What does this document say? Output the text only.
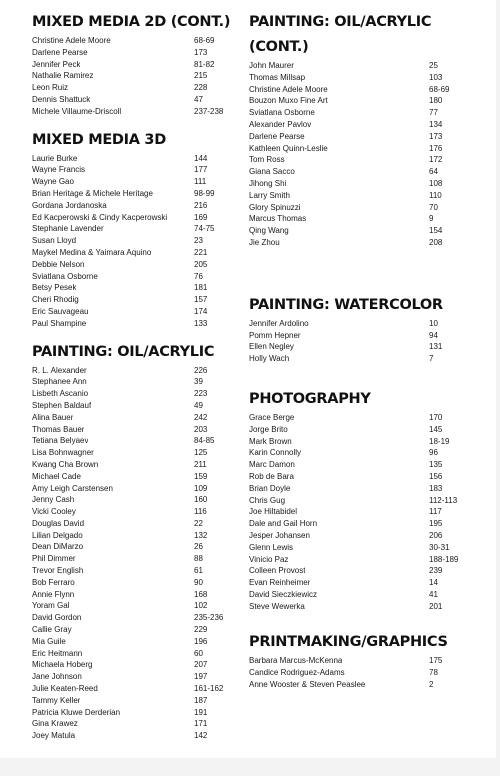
MIXED MEDIA 2D (CONT.)
Christine Adele Moore	68-69
Darlene Pearse	173
Jennifer Peck	81-82
Nathalie Ramirez	215
Leon Ruiz	228
Dennis Shattuck	47
Michele Villaume-Driscoll	237-238
MIXED MEDIA 3D
Laurie Burke	144
Wayne Francis	177
Wayne Gao	111
Brian Heritage & Michele Heritage	98-99
Gordana Jordanoska	216
Ed Kacperowski & Cindy Kacperowski	169
Stephanie Lavender	74-75
Susan Lloyd	23
Maykel Medina & Yaimara Aquino	221
Debbie Nelson	205
Sviatlana Osborne	76
Betsy Pesek	181
Cheri Rhodig	157
Eric Sauvageau	174
Paul Shampine	133
PAINTING: OIL/ACRYLIC
R. L. Alexander	226
Stephanee Ann	39
Lisbeth Ascanio	223
Stephen Baldauf	49
Alina Bauer	242
Thomas Bauer	203
Tetiana Belyaev	84-85
Lisa Bohnwagner	125
Kwang Cha Brown	211
Michael Cade	159
Amy Leigh Carstensen	109
Jenny Cash	160
Vicki Cooley	116
Douglas David	22
Lilian Delgado	132
Dean DiMarzo	26
Phil Dimmer	88
Trevor English	61
Bob Ferraro	90
Annie Flynn	168
Yoram Gal	102
David Gordon	235-236
Callie Gray	229
Mia Guile	196
Eric Heitmann	60
Michaela Hoberg	207
Jane Johnson	197
Julie Keaten-Reed	161-162
Tammy Keller	187
Patricia Kluwe Derderian	191
Gina Krawez	171
Joey Matula	142
PAINTING: OIL/ACRYLIC (CONT.)
John Maurer	25
Thomas Millsap	103
Christine Adele Moore	68-69
Bouzon Muxo Fine Art	180
Sviatlana Osborne	77
Alexander Pavlov	134
Darlene Pearse	173
Kathleen Quinn-Leslie	176
Tom Ross	172
Giana Sacco	64
Jihong Shi	108
Larry Smith	110
Glory Spinuzzi	70
Marcus Thomas	9
Qing Wang	154
Jie Zhou	208
PAINTING: WATERCOLOR
Jennifer Ardolino	10
Pomm Hepner	94
Ellen Negley	131
Holly Wach	7
PHOTOGRAPHY
Grace Berge	170
Jorge Brito	145
Mark Brown	18-19
Karin Connolly	96
Marc Damon	135
Rob de Bara	156
Brian Doyle	183
Chris Gug	112-113
Joe Hiltabidel	117
Dale and Gail Horn	195
Jesper Johansen	206
Glenn Lewis	30-31
Vinicio Paz	188-189
Colleen Provost	239
Evan Reinheimer	14
David Sieczkiewicz	41
Steve Wewerka	201
PRINTMAKING/GRAPHICS
Barbara Marcus-McKenna	175
Candice Rodriguez-Adams	78
Anne Wooster & Steven Peaslee	2
